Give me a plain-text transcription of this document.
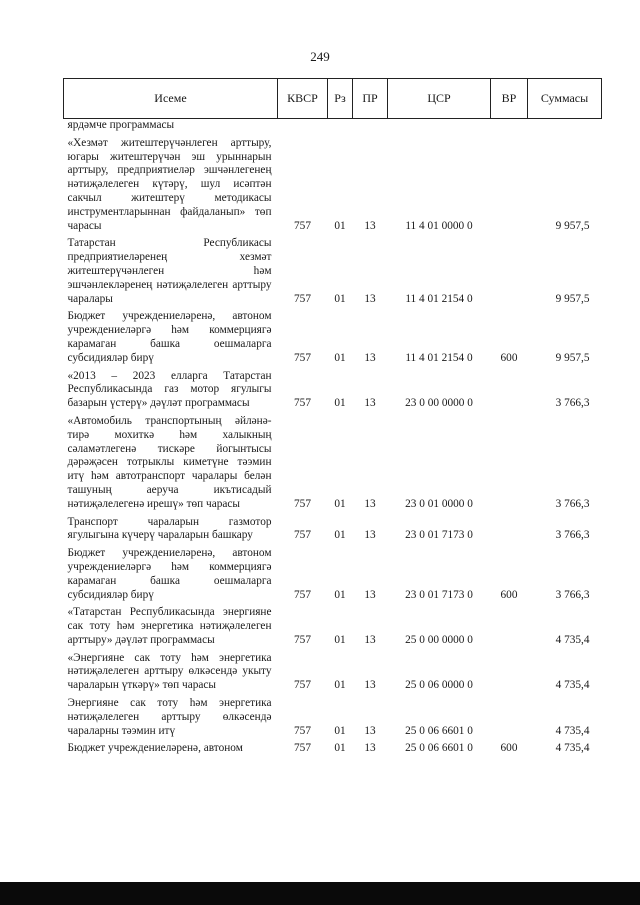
249
Исеме	КВСР	Рз	ПР	ЦСР	ВР	Суммасы
ярдәмче программасы						
«Хезмәт житештерүчәнлеген арттыру, югары житештерүчән эш урыннарын арттыру, предприятиеләр эшчәнлегенең нәтиҗәлелеген күтәрү, шул исәптән сакчыл житештерү методикасы инструментларыннан файдаланып» төп чарасы	757	01	13	11 4 01 0000 0		9 957,5
Татарстан Республикасы предприятиеләренең хезмәт житештерүчәнлеген һәм эшчәнлекләренең нәтиҗәлелеген арттыру чаралары	757	01	13	11 4 01 2154 0		9 957,5
Бюджет учреждениеләренә, автоном учреждениеләргә һәм коммерциягә карамаган башка оешмаларга субсидияләр бирү	757	01	13	11 4 01 2154 0	600	9 957,5
«2013 – 2023 елларга Татарстан Республикасында газ мотор ягулыгы базарын үстерү» дәүләт программасы	757	01	13	23 0 00 0000 0		3 766,3
«Автомобиль транспортының әйләнә-тирә мохиткә һәм халыкның сәламәтлегенә тискәре йогынтысы дәрәҗәсен тотрыклы киметүне тәэмин итү һәм автотранспорт чаралары белән ташуның аеруча икътисадый нәтиҗәлелегенә ирешү» төп чарасы	757	01	13	23 0 01 0000 0		3 766,3
Транспорт чараларын газмотор ягулыгына күчерү чараларын башкару	757	01	13	23 0 01 7173 0		3 766,3
Бюджет учреждениеләренә, автоном учреждениеләргә һәм коммерциягә карамаган башка оешмаларга субсидияләр бирү	757	01	13	23 0 01 7173 0	600	3 766,3
«Татарстан Республикасында энергияне сак тоту һәм энергетика нәтиҗәлелеген арттыру» дәүләт программасы	757	01	13	25 0 00 0000 0		4 735,4
«Энергияне сак тоту һәм энергетика нәтиҗәлелеген арттыру өлкәсендә укыту чараларын үткәрү» төп чарасы	757	01	13	25 0 06 0000 0		4 735,4
Энергияне сак тоту һәм энергетика нәтиҗәлелеген арттыру өлкәсендә чараларны тәэмин итү	757	01	13	25 0 06 6601 0		4 735,4
Бюджет учреждениеләренә, автоном	757	01	13	25 0 06 6601 0	600	4 735,4
